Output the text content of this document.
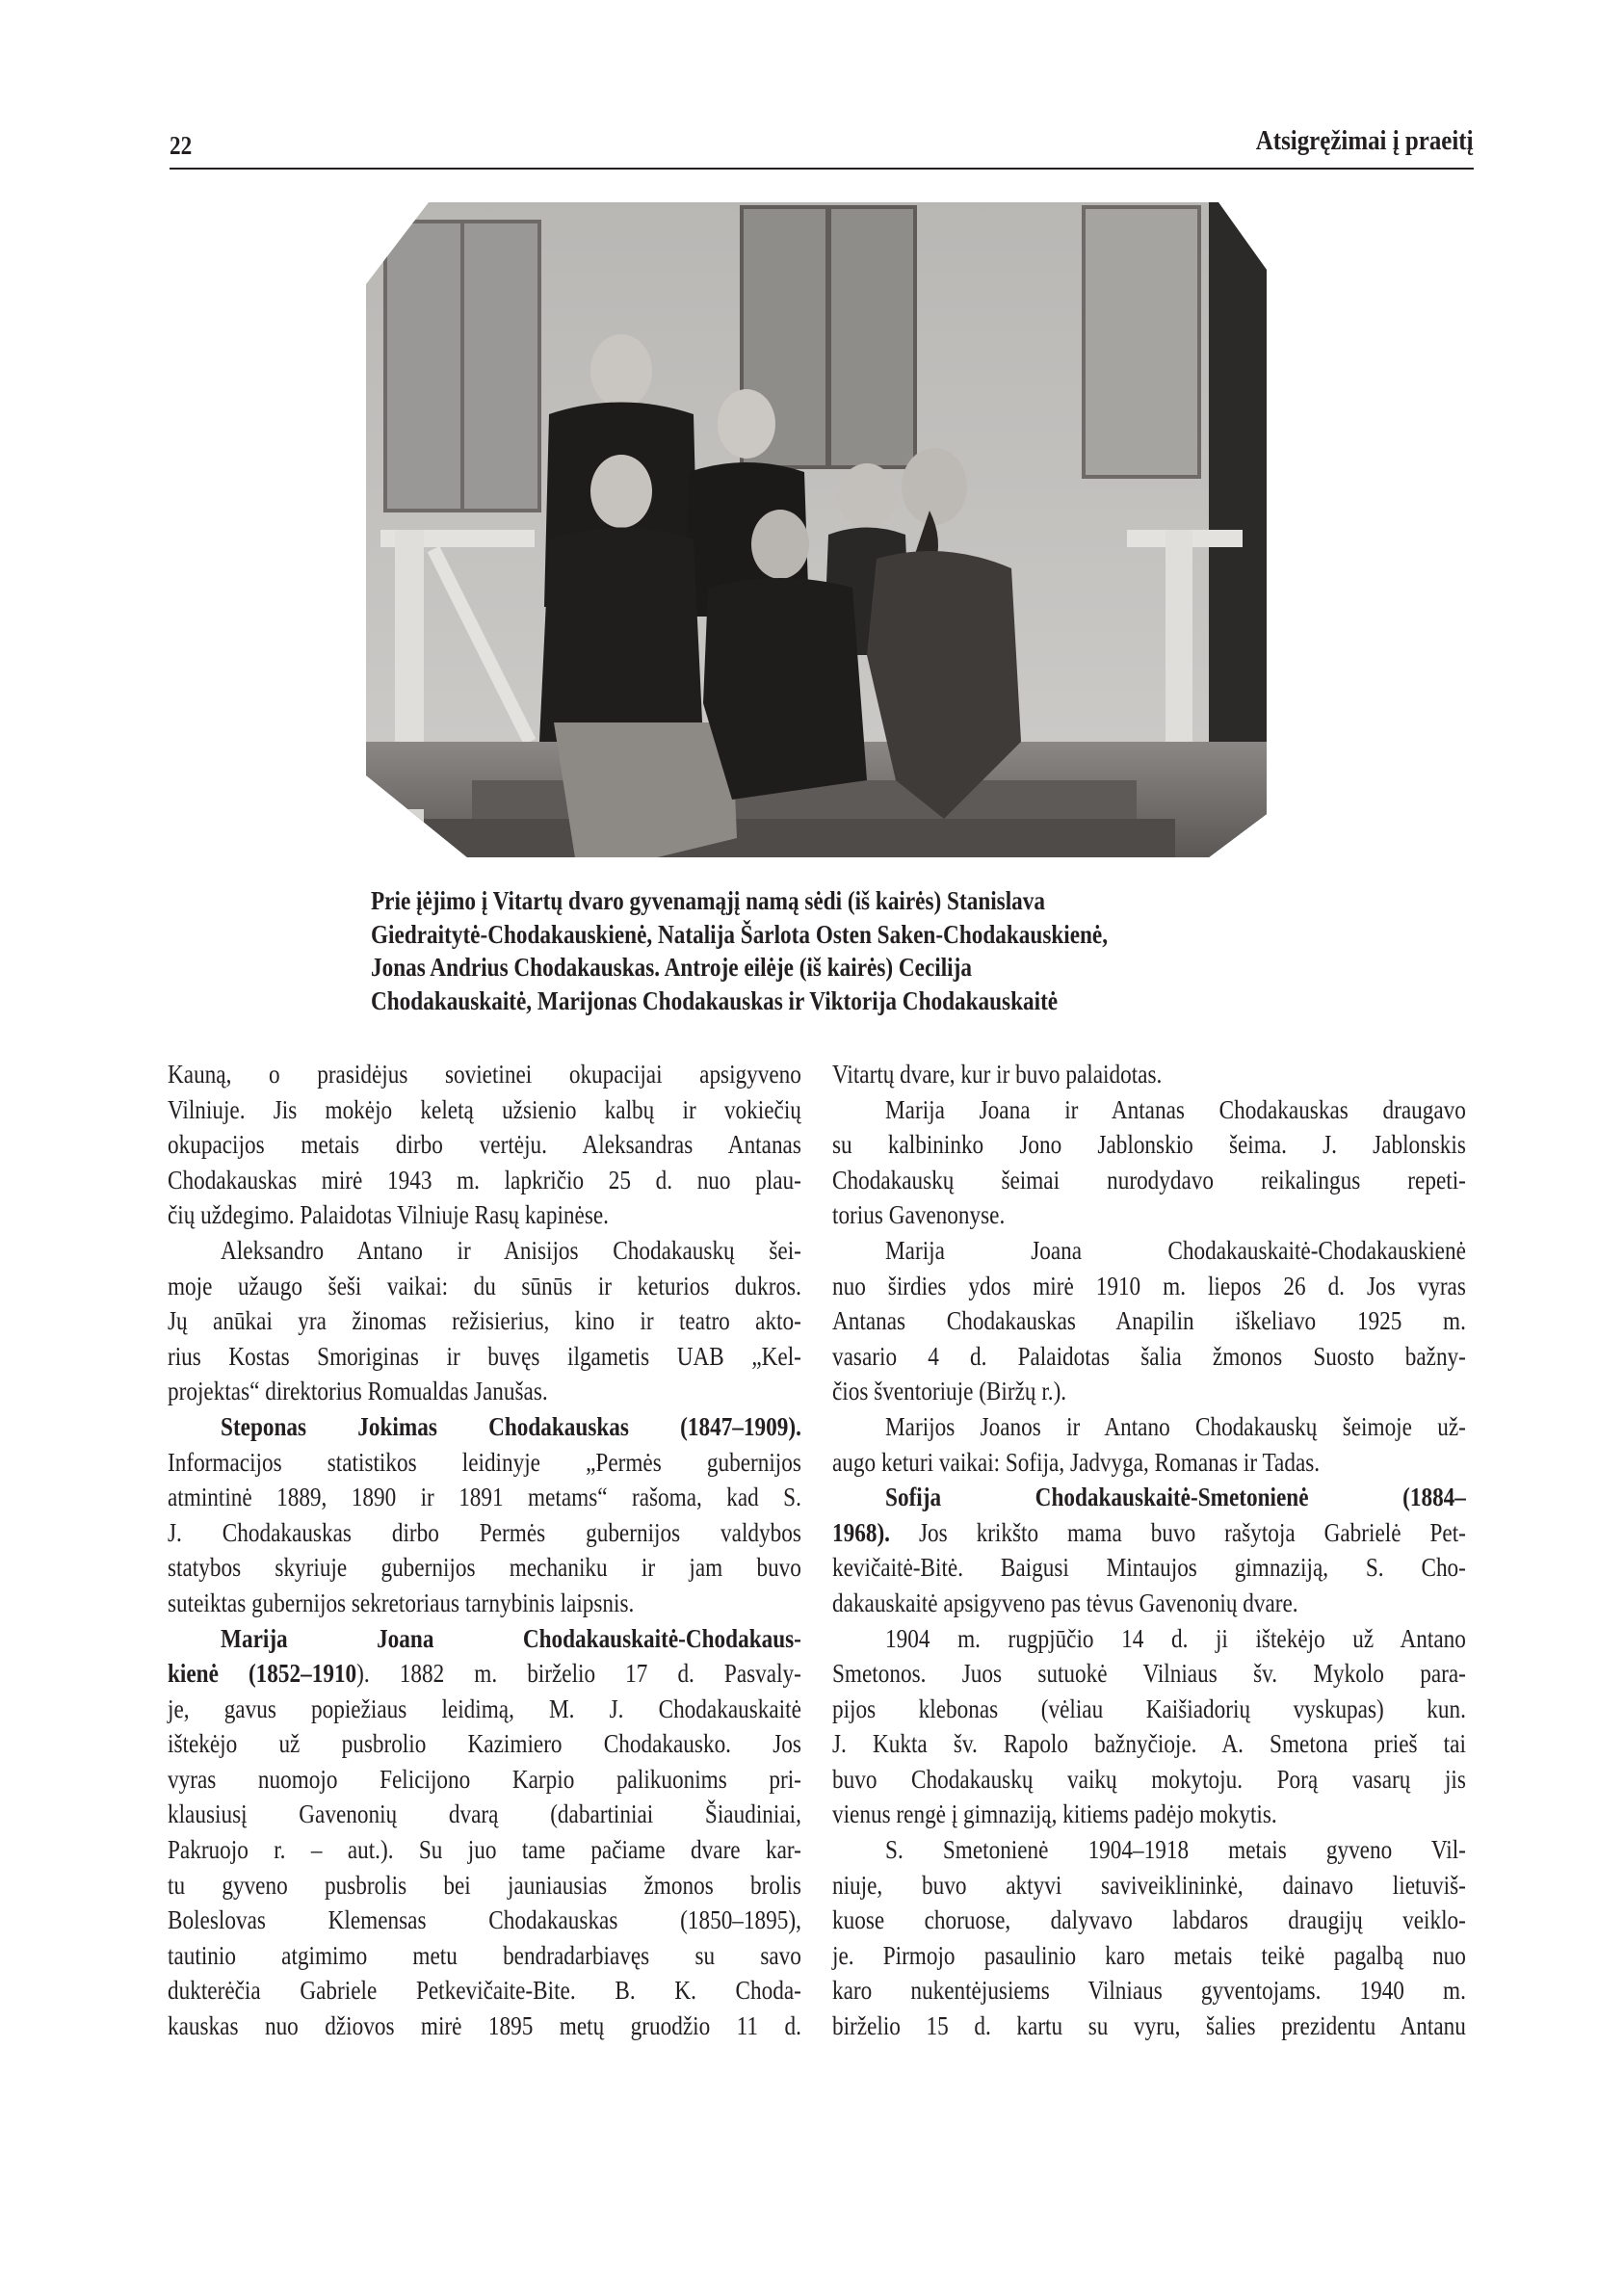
22	Atsigręžimai į praeitį
Prie įėjimo į Vitartų dvaro gyvenamąjį namą sėdi (iš kairės) Stanislava
Giedraitytė-Chodakauskienė, Natalija Šarlota Osten Saken-Chodakauskienė,
Jonas Andrius Chodakauskas. Antroje eilėje (iš kairės) Cecilija
Chodakauskaitė, Marijonas Chodakauskas ir Viktorija Chodakauskaitė
Kauną, o prasidėjus sovietinei okupacijai apsigyveno
Vilniuje. Jis mokėjo keletą užsienio kalbų ir vokiečių
okupacijos metais dirbo vertėju. Aleksandras Antanas
Chodakauskas mirė 1943 m. lapkričio 25 d. nuo plau-
čių uždegimo. Palaidotas Vilniuje Rasų kapinėse.
Aleksandro Antano ir Anisijos Chodakauskų šei-
moje užaugo šeši vaikai: du sūnūs ir keturios dukros.
Jų anūkai yra žinomas režisierius, kino ir teatro akto-
rius Kostas Smoriginas ir buvęs ilgametis UAB „Kel-
projektas“ direktorius Romualdas Janušas.
Steponas Jokimas Chodakauskas (1847–1909).
Informacijos statistikos leidinyje „Permės gubernijos
atmintinė 1889, 1890 ir 1891 metams“ rašoma, kad S.
J. Chodakauskas dirbo Permės gubernijos valdybos
statybos skyriuje gubernijos mechaniku ir jam buvo
suteiktas gubernijos sekretoriaus tarnybinis laipsnis.
Marija Joana Chodakauskaitė-Chodakaus-
kienė (1852–1910). 1882 m. birželio 17 d. Pasvaly-
je, gavus popiežiaus leidimą, M. J. Chodakauskaitė
ištekėjo už pusbrolio Kazimiero Chodakausko. Jos
vyras nuomojo Felicijono Karpio palikuonims pri-
klausiusį Gavenonių dvarą (dabartiniai Šiaudiniai,
Pakruojo r. – aut.). Su juo tame pačiame dvare kar-
tu gyveno pusbrolis bei jauniausias žmonos brolis
Boleslovas Klemensas Chodakauskas (1850–1895),
tautinio atgimimo metu bendradarbiavęs su savo
dukterėčia Gabriele Petkevičaite-Bite. B. K. Choda-
kauskas nuo džiovos mirė 1895 metų gruodžio 11 d.
Vitartų dvare, kur ir buvo palaidotas.
Marija Joana ir Antanas Chodakauskas draugavo
su kalbininko Jono Jablonskio šeima. J. Jablonskis
Chodakauskų šeimai nurodydavo reikalingus repeti-
torius Gavenonyse.
Marija Joana Chodakauskaitė-Chodakauskienė
nuo širdies ydos mirė 1910 m. liepos 26 d. Jos vyras
Antanas Chodakauskas Anapilin iškeliavo 1925 m.
vasario 4 d. Palaidotas šalia žmonos Suosto bažny-
čios šventoriuje (Biržų r.).
Marijos Joanos ir Antano Chodakauskų šeimoje už-
augo keturi vaikai: Sofija, Jadvyga, Romanas ir Tadas.
Sofija Chodakauskaitė-Smetonienė (1884–
1968). Jos krikšto mama buvo rašytoja Gabrielė Pet-
kevičaitė-Bitė. Baigusi Mintaujos gimnaziją, S. Cho-
dakauskaitė apsigyveno pas tėvus Gavenonių dvare.
1904 m. rugpjūčio 14 d. ji ištekėjo už Antano
Smetonos. Juos sutuokė Vilniaus šv. Mykolo para-
pijos klebonas (vėliau Kaišiadorių vyskupas) kun.
J. Kukta šv. Rapolo bažnyčioje. A. Smetona prieš tai
buvo Chodakauskų vaikų mokytoju. Porą vasarų jis
vienus rengė į gimnaziją, kitiems padėjo mokytis.
S. Smetonienė 1904–1918 metais gyveno Vil-
niuje, buvo aktyvi saviveiklininkė, dainavo lietuviš-
kuose choruose, dalyvavo labdaros draugijų veiklo-
je. Pirmojo pasaulinio karo metais teikė pagalbą nuo
karo nukentėjusiems Vilniaus gyventojams. 1940 m.
birželio 15 d. kartu su vyru, šalies prezidentu Antanu
